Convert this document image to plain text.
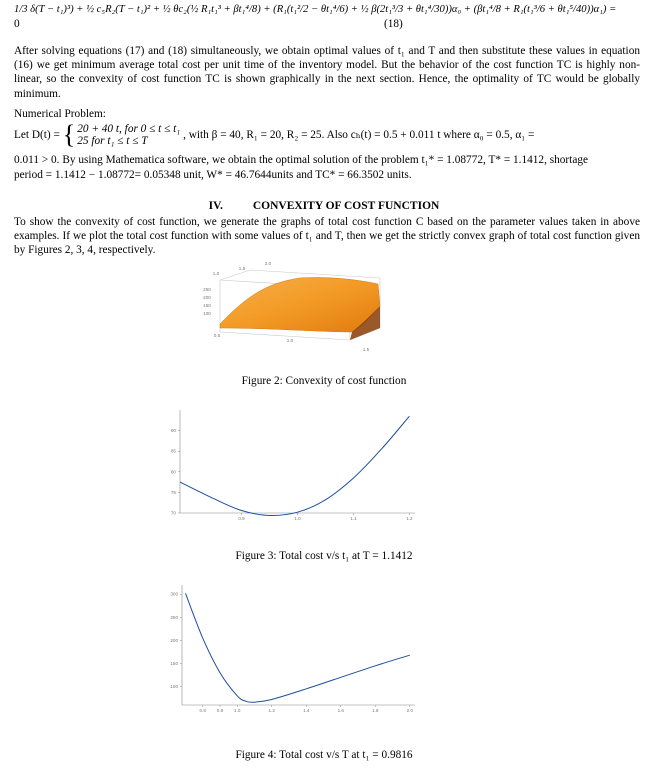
1/3 δ(T − t₁)³) + ½ c₅R₂(T − t₁)² + ½ θc₂(½ R₁t₁³ + βt₁⁴/8) + (R₁(t₁²/2 − θt₁⁴/6) + ½ β(2t₁³/3 + θt₁⁴/30))α₀ + (βt₁⁴/8 + R₁(t₁³/6 + θt₁⁵/40))α₁) =
0	(18)
After solving equations (17) and (18) simultaneously, we obtain optimal values of t₁ and T and then substitute these values in equation (16) we get minimum average total cost per unit time of the inventory model. But the behavior of the cost function TC is highly non-linear, so the convexity of cost function TC is shown graphically in the next section. Hence, the optimality of TC would be globally minimum.
Numerical Problem:
Let D(t) = { 20 + 40 t, for 0 ≤ t ≤ t₁
25 for t₁ ≤ t ≤ T	, with β = 40, R₁ = 20, R₂ = 25. Also cₕ(t) = 0.5 + 0.011 t where α₀ = 0.5, α₁ =
0.011 > 0. By using Mathematica software, we obtain the optimal solution of the problem t₁* = 1.08772, T* = 1.1412, shortage
period = 1.1412 − 1.08772= 0.05348 unit, W* = 46.7644units and TC* = 66.3502 units.
IV.	CONVEXITY OF COST FUNCTION
To show the convexity of cost function, we generate the graphs of total cost function C based on the parameter values taken in above examples. If we plot the total cost function with some values of t₁ and T, then we get the strictly convex graph of total cost function given by Figures 2, 3, 4, respectively.
250
200
150
100
1.0
1.5
2.0
0.5
1.0
1.5
Figure 2: Convexity of cost function
0.9	1.0	1.1	1.2
90
85
80
75
70
Figure 3: Total cost v/s t₁ at T = 1.1412
0.8 0.9 1.0	1.2	1.4	1.6	1.8	2.0
300
250
200
150
100
Figure 4: Total cost v/s T at t₁ = 0.9816
